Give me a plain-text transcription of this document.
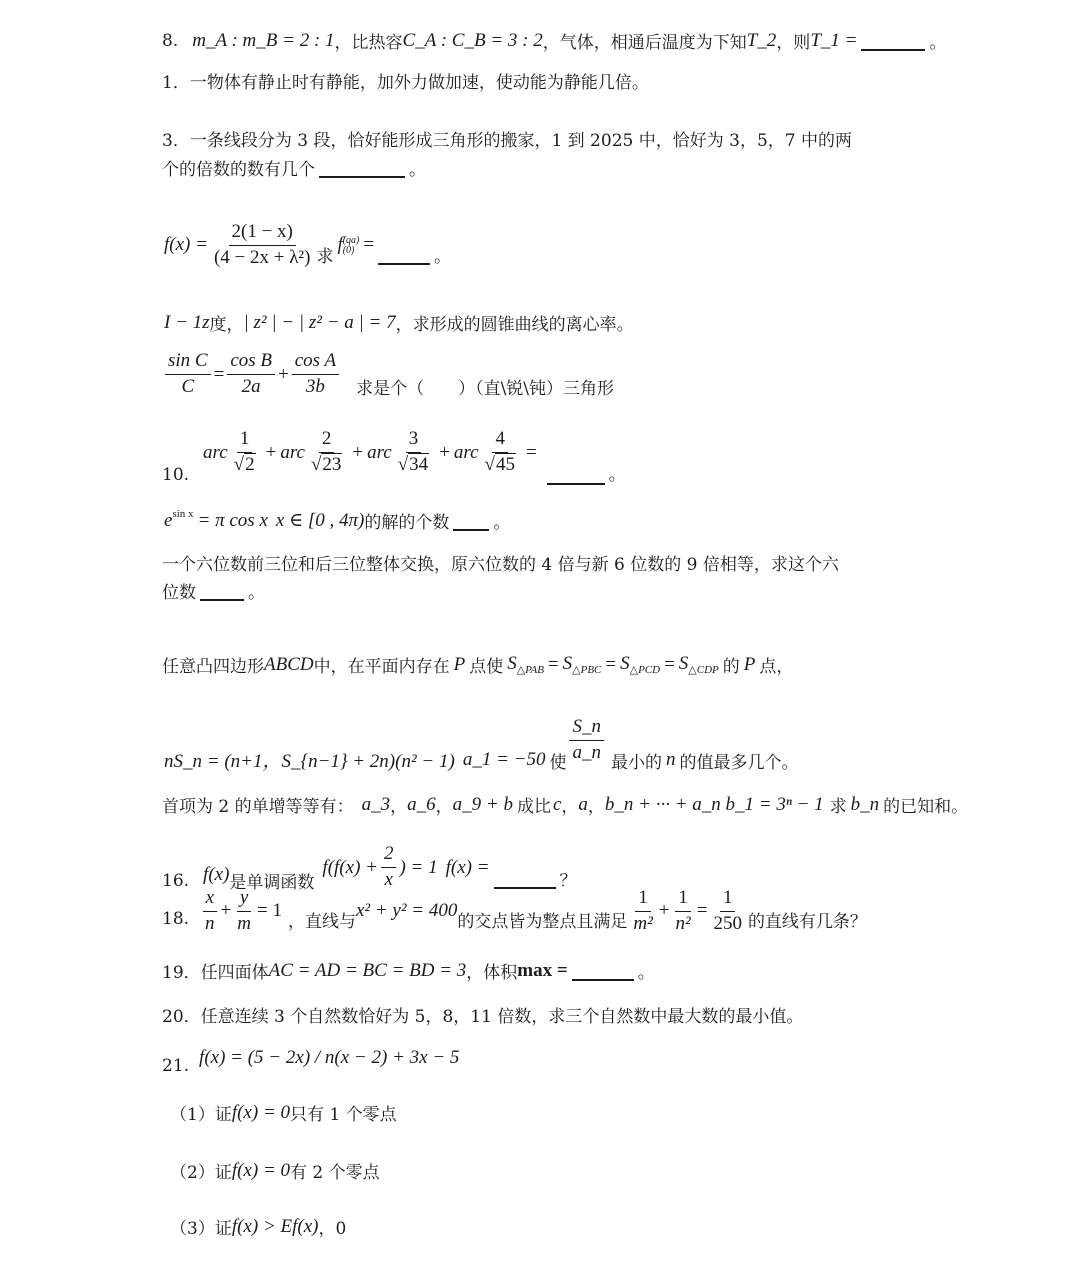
8. m_A : m_B = 2 : 1 ，比热容 C_A : C_B = 3 : 2 ，气体，相通后温度为下知 T_2 ，则 T_1 =	。
1．一物体有静止时有静能，加外力做加速，使动能为静能几倍。
3．一条线段分为 3 段，恰好能形成三角形的搬家，1 到 2025 中，恰好为 3，5，7 中的两
个的倍数的数有几个	。
$f(x) = \frac{2(1 - x)}{\text{(4 − 2x + λ²)}}$ 求
f (qa)
(0) =
。
I − 1z 度， | z² | − | z² − a | = 7 ，求形成的圆锥曲线的离心率。
$\frac{\text{sin C}}{C} = \frac{\text{cos B}}{2a} + \frac{\text{cos A}}{3b}$ 求是个（　　）（直\锐\钝）三角形
10.
arc $\frac{1}{√2}$ + arc $\frac{2}{√23}$ + arc $\frac{3}{√34}$ + arc $\frac{4}{√45}$ =
。
e sin x = π cos x x ∈ [0 , 4π) 的解的个数	。
一个六位数前三位和后三位整体交换，原六位数的 4 倍与新 6 位数的 9 倍相等，求这个六
位数	。
任意凸四边形 ABCD 中，在平面内存在 P 点使 $S_{\triangle PAB} = S_{\triangle PBC} = S_{\triangle PCD} = S_{\triangle CDP}$ 的 P 点，
nS_n = (n+1，S_{n−1} + 2n)(n² − 1) a_1 = −50 使 $\frac{S\_n}{a\_n}$ 最小的 n 的值最多几个。
首项为 2 的单增等等有： a_3 ， a_6 ， a_9 + b 成比 c ， a ， b_n + ··· + a_n b_1 = 3ⁿ − 1 求 b_n 的已知和。
16. f(x) 是单调函数
$f(f(x) + \frac{2}{x}$ ) = 1 f(x) =
？
18. $\frac{x}{n} + \frac{y}{m} = 1$
，直线与
x² + y² = 400
的交点皆为整点且满足 $\frac{1}{\text{m²}} + \frac{1}{\text{n²}} = \frac{1}{250}$ 的直线有几条？
19．任四面体 AC = AD = BC = BD = 3 ，体积 max =	。
20．任意连续 3 个自然数恰好为 5，8，11 倍数，求三个自然数中最大数的最小值。
21. f(x) = (5 − 2x) / n(x − 2) + 3x − 5
（1）证 f(x) = 0 只有 1 个零点
（2）证 f(x) = 0 有 2 个零点
（3）证 f(x) > Ef(x) ，0
